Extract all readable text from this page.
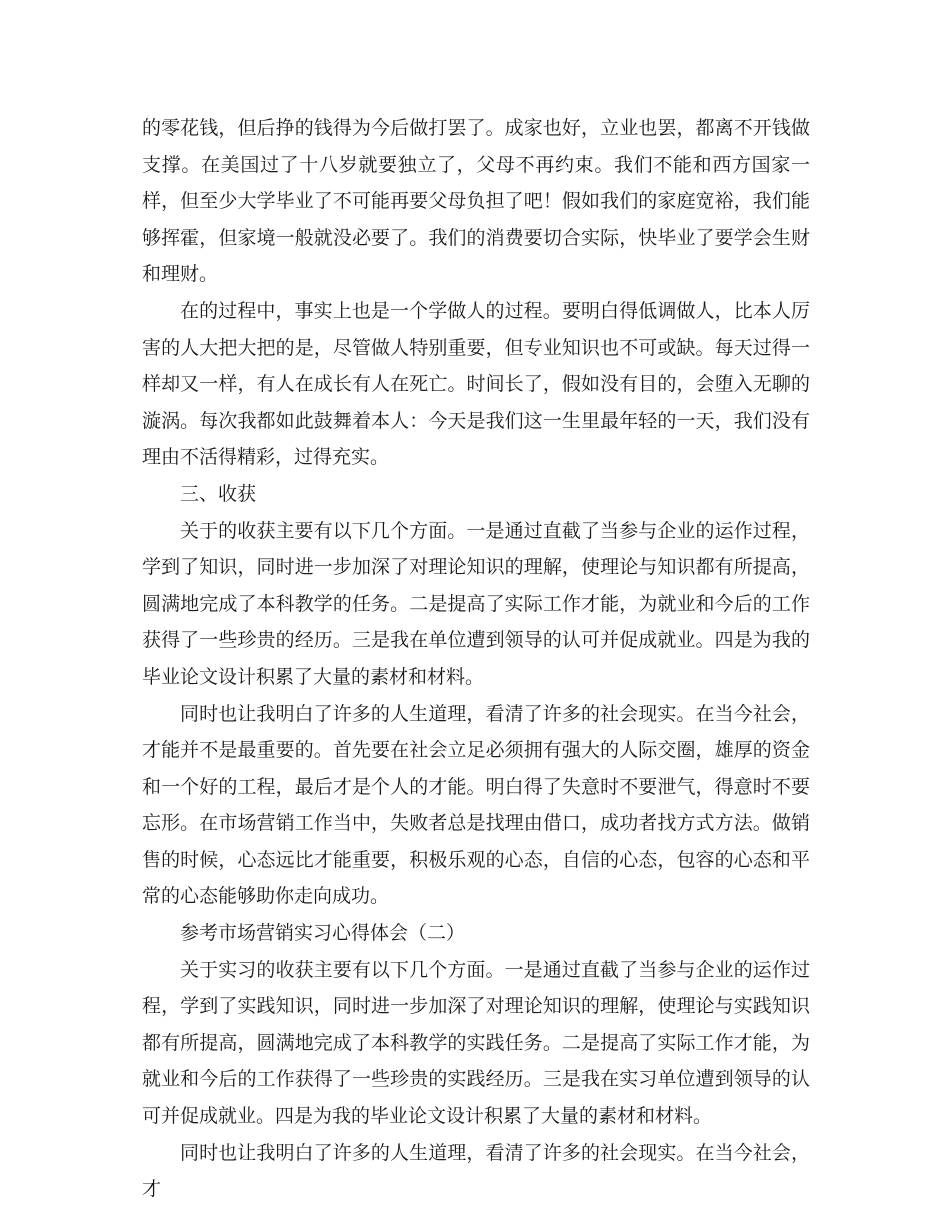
的零花钱，但后挣的钱得为今后做打罢了。成家也好，立业也罢，都离不开钱做支撑。在美国过了十八岁就要独立了，父母不再约束。我们不能和西方国家一样，但至少大学毕业了不可能再要父母负担了吧！假如我们的家庭宽裕，我们能够挥霍，但家境一般就没必要了。我们的消费要切合实际，快毕业了要学会生财和理财。

在的过程中，事实上也是一个学做人的过程。要明白得低调做人，比本人厉害的人大把大把的是，尽管做人特别重要，但专业知识也不可或缺。每天过得一样却又一样，有人在成长有人在死亡。时间长了，假如没有目的，会堕入无聊的漩涡。每次我都如此鼓舞着本人：今天是我们这一生里最年轻的一天，我们没有理由不活得精彩，过得充实。

三、收获

关于的收获主要有以下几个方面。一是通过直截了当参与企业的运作过程，学到了知识，同时进一步加深了对理论知识的理解，使理论与知识都有所提高，圆满地完成了本科教学的任务。二是提高了实际工作才能，为就业和今后的工作获得了一些珍贵的经历。三是我在单位遭到领导的认可并促成就业。四是为我的毕业论文设计积累了大量的素材和材料。

同时也让我明白了许多的人生道理，看清了许多的社会现实。在当今社会，才能并不是最重要的。首先要在社会立足必须拥有强大的人际交圈，雄厚的资金和一个好的工程，最后才是个人的才能。明白得了失意时不要泄气，得意时不要忘形。在市场营销工作当中，失败者总是找理由借口，成功者找方式方法。做销售的时候，心态远比才能重要，积极乐观的心态，自信的心态，包容的心态和平常的心态能够助你走向成功。

参考市场营销实习心得体会（二）

关于实习的收获主要有以下几个方面。一是通过直截了当参与企业的运作过程，学到了实践知识，同时进一步加深了对理论知识的理解，使理论与实践知识都有所提高，圆满地完成了本科教学的实践任务。二是提高了实际工作才能，为就业和今后的工作获得了一些珍贵的实践经历。三是我在实习单位遭到领导的认可并促成就业。四是为我的毕业论文设计积累了大量的素材和材料。

同时也让我明白了许多的人生道理，看清了许多的社会现实。在当今社会，才
